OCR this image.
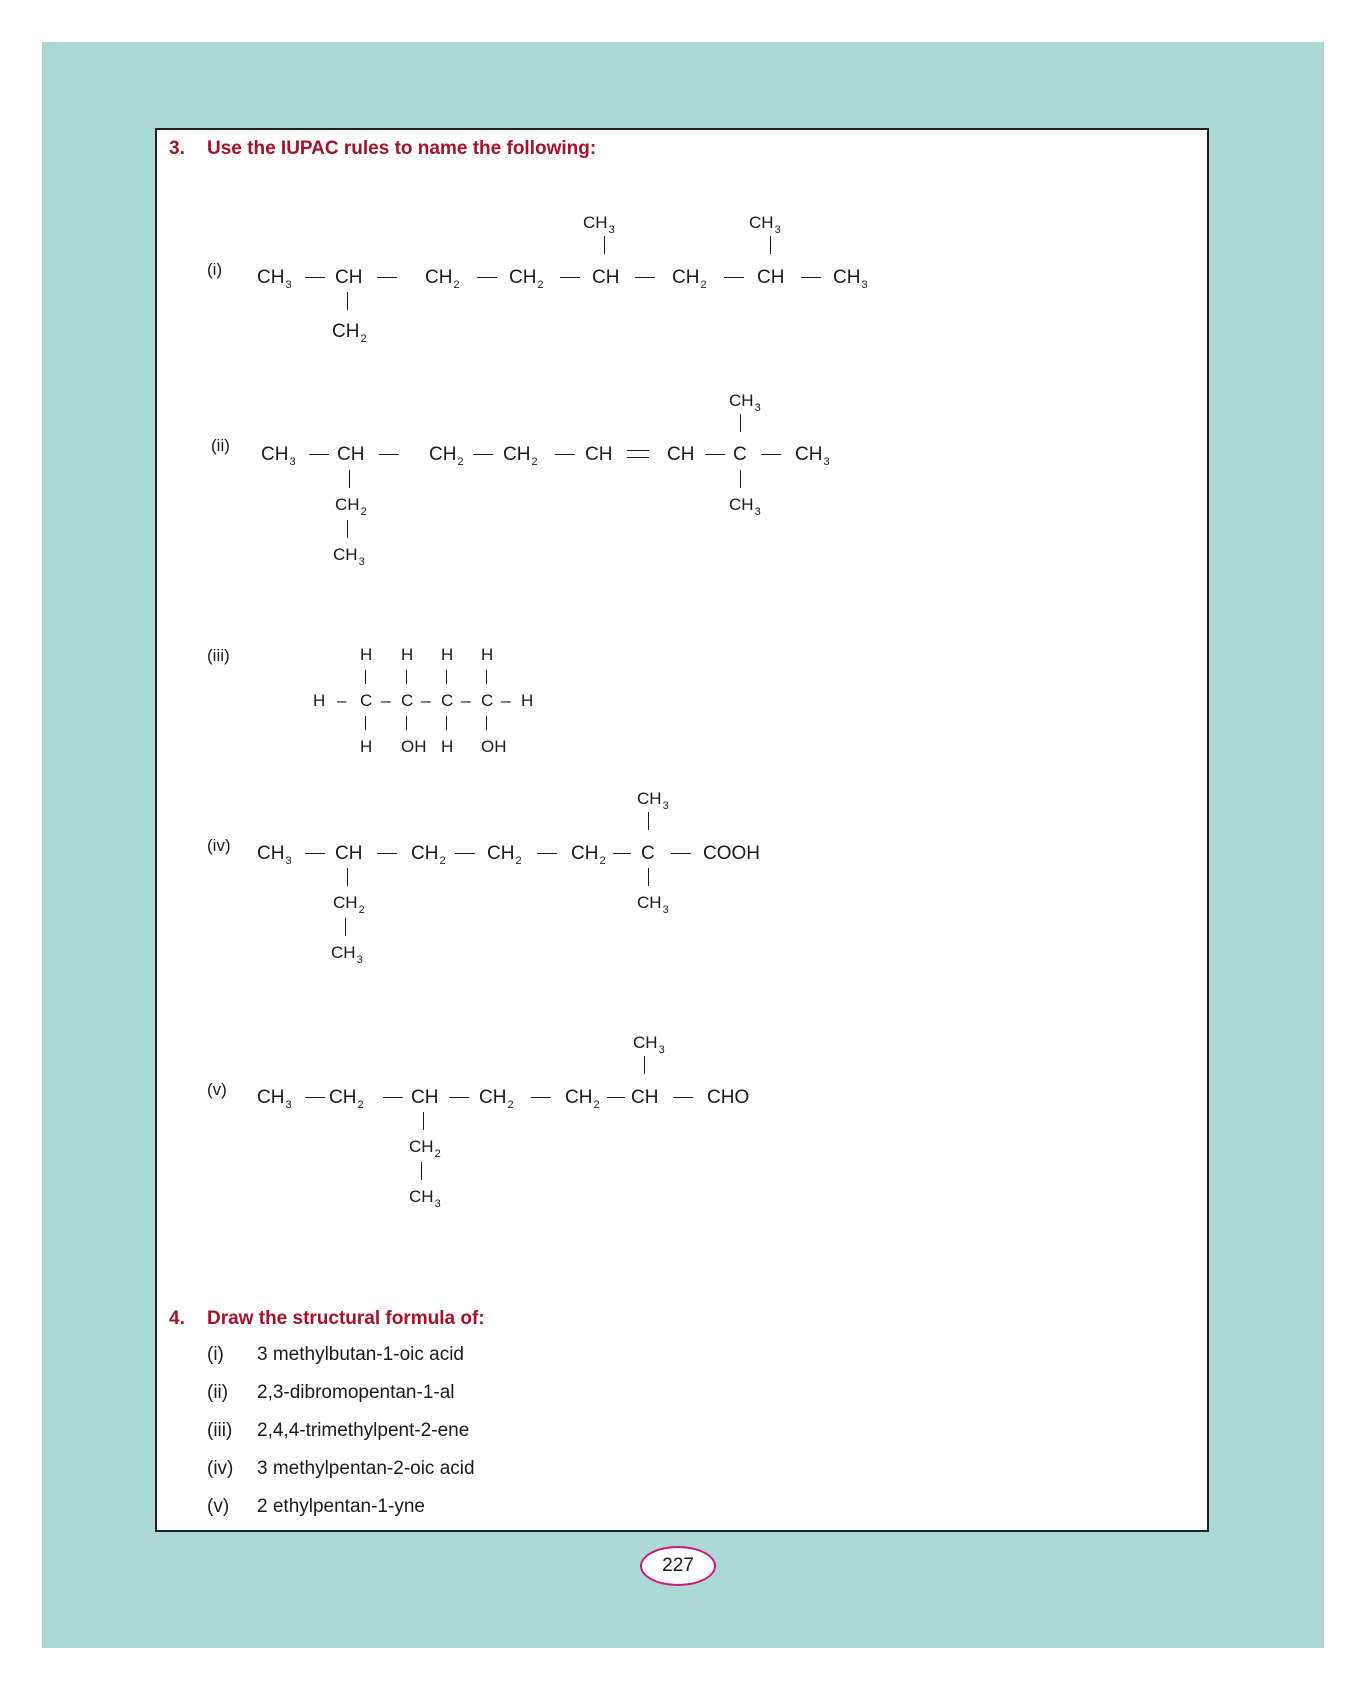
3. Use the IUPAC rules to name the following:
(i) $CH_3$ CH	$CH_2$	$CH_2$	CH	$CH_2$	CH	$CH_3$
$CH_3$	$CH_3$
$CH_2$
(ii) $CH_3$ CH	$CH_2$ $CH_2$ CH	CH C	$CH_3$
$CH_3$
$CH_3$
$CH_2$
$CH_3$
(iii)	H H H H
H – C – C – C – C – H
H OH H OH
(iv) $CH_3$ CH	$CH_2$ $CH_2$	$CH_2$ C	COOH
$CH_3$
$CH_3$
$CH_2$
$CH_3$
(v) $CH_3$ $CH_2$ CH $CH_2$	$CH_2$ CH	CHO
$CH_3$
$CH_2$
$CH_3$
4. Draw the structural formula of:
(i) 3 methylbutan-1-oic acid
(ii) 2,3-dibromopentan-1-al
(iii) 2,4,4-trimethylpent-2-ene
(iv) 3 methylpentan-2-oic acid
(v) 2 ethylpentan-1-yne
227
